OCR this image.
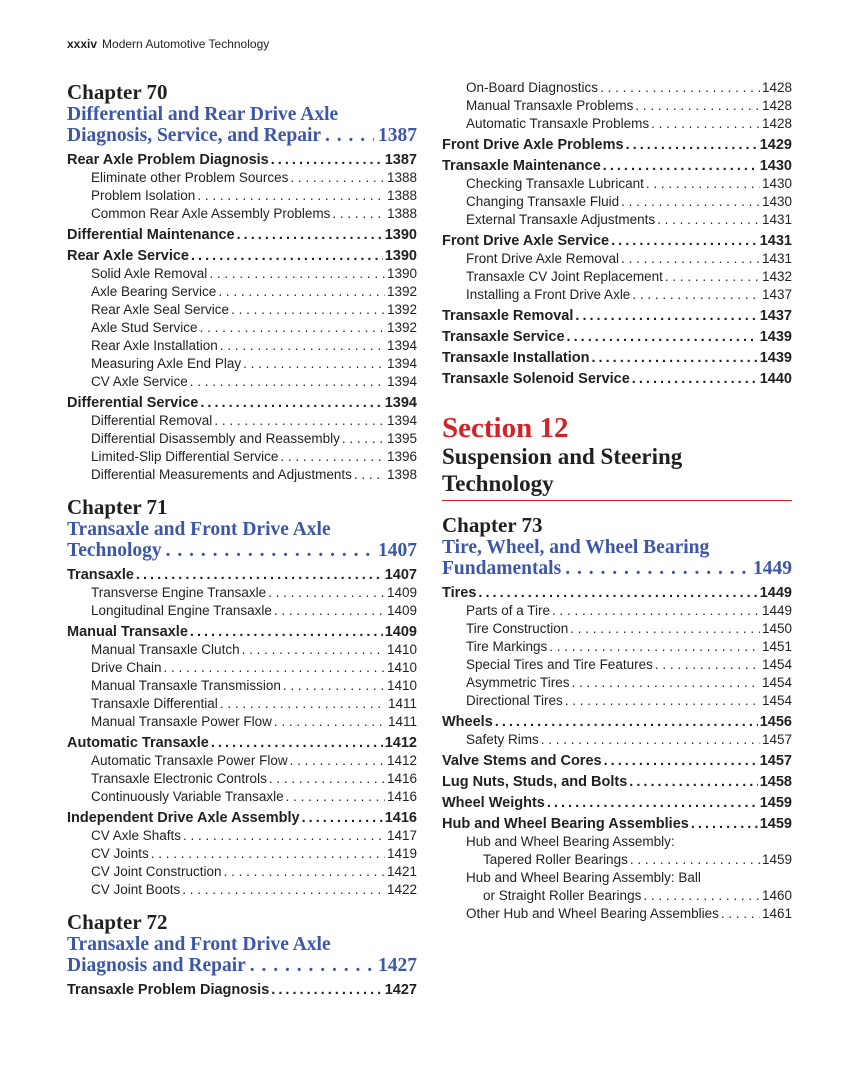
xxxiv Modern Automotive Technology
Chapter 70
Differential and Rear Drive Axle
Diagnosis, Service, and Repair . . .	1387
Rear Axle Problem Diagnosis . . .	1387
Eliminate other Problem Sources . . .	1388
Problem Isolation . . .	1388
Common Rear Axle Assembly Problems . . .	1388
Differential Maintenance . . .	1390
Rear Axle Service . . .	1390
Solid Axle Removal . . .	1390
Axle Bearing Service . . .	1392
Rear Axle Seal Service . . .	1392
Axle Stud Service . . .	1392
Rear Axle Installation . . .	1394
Measuring Axle End Play . . .	1394
CV Axle Service . . .	1394
Differential Service . . .	1394
Differential Removal . . .	1394
Differential Disassembly and Reassembly . . .	1395
Limited-Slip Differential Service . . .	1396
Differential Measurements and Adjustments . . .	1398
Chapter 71
Transaxle and Front Drive Axle
Technology . . .	1407
Transaxle . . .	1407
Transverse Engine Transaxle . . .	1409
Longitudinal Engine Transaxle . . .	1409
Manual Transaxle . . .	1409
Manual Transaxle Clutch . . .	1410
Drive Chain . . .	1410
Manual Transaxle Transmission . . .	1410
Transaxle Differential . . .	1411
Manual Transaxle Power Flow . . .	1411
Automatic Transaxle . . .	1412
Automatic Transaxle Power Flow . . .	1412
Transaxle Electronic Controls . . .	1416
Continuously Variable Transaxle . . .	1416
Independent Drive Axle Assembly . . .	1416
CV Axle Shafts . . .	1417
CV Joints . . .	1419
CV Joint Construction . . .	1421
CV Joint Boots . . .	1422
Chapter 72
Transaxle and Front Drive Axle
Diagnosis and Repair . . .	1427
Transaxle Problem Diagnosis . . .	1427
On-Board Diagnostics . . .	1428
Manual Transaxle Problems . . .	1428
Automatic Transaxle Problems . . .	1428
Front Drive Axle Problems . . .	1429
Transaxle Maintenance . . .	1430
Checking Transaxle Lubricant . . .	1430
Changing Transaxle Fluid . . .	1430
External Transaxle Adjustments . . .	1431
Front Drive Axle Service . . .	1431
Front Drive Axle Removal . . .	1431
Transaxle CV Joint Replacement . . .	1432
Installing a Front Drive Axle . . .	1437
Transaxle Removal . . .	1437
Transaxle Service . . .	1439
Transaxle Installation . . .	1439
Transaxle Solenoid Service . . .	1440
Section 12
Suspension and Steering
Technology
Chapter 73
Tire, Wheel, and Wheel Bearing
Fundamentals . . .	1449
Tires . . .	1449
Parts of a Tire . . .	1449
Tire Construction . . .	1450
Tire Markings . . .	1451
Special Tires and Tire Features . . .	1454
Asymmetric Tires . . .	1454
Directional Tires . . .	1454
Wheels . . .	1456
Safety Rims . . .	1457
Valve Stems and Cores . . .	1457
Lug Nuts, Studs, and Bolts . . .	1458
Wheel Weights . . .	1459
Hub and Wheel Bearing Assemblies . . .	1459
Hub and Wheel Bearing Assembly:
Tapered Roller Bearings . . .	1459
Hub and Wheel Bearing Assembly: Ball
or Straight Roller Bearings . . .	1460
Other Hub and Wheel Bearing Assemblies . . .	1461
